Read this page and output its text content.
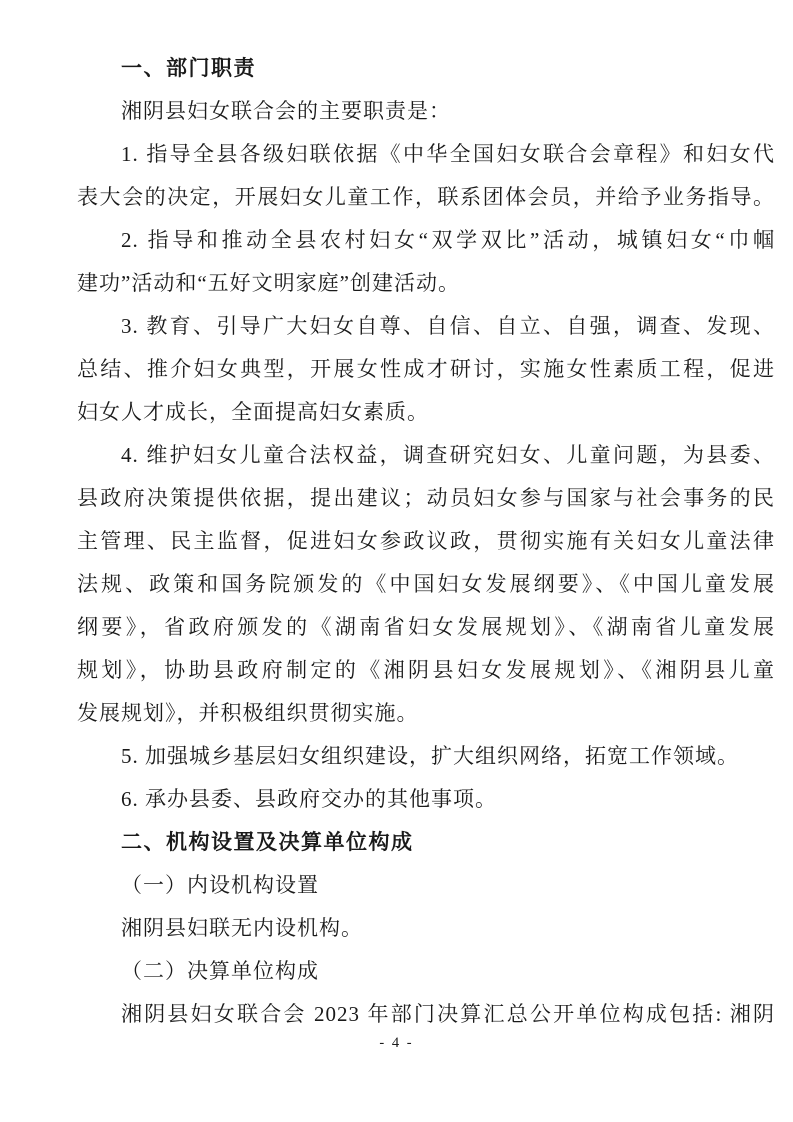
一、部门职责
湘阴县妇女联合会的主要职责是：
1. 指导全县各级妇联依据《中华全国妇女联合会章程》和妇女代
表大会的决定，开展妇女儿童工作，联系团体会员，并给予业务指导。
2. 指导和推动全县农村妇女“双学双比”活动，城镇妇女“巾帼
建功”活动和“五好文明家庭”创建活动。
3. 教育、引导广大妇女自尊、自信、自立、自强，调查、发现、
总结、推介妇女典型，开展女性成才研讨，实施女性素质工程，促进
妇女人才成长，全面提高妇女素质。
4. 维护妇女儿童合法权益，调查研究妇女、儿童问题，为县委、
县政府决策提供依据，提出建议；动员妇女参与国家与社会事务的民
主管理、民主监督，促进妇女参政议政，贯彻实施有关妇女儿童法律
法规、政策和国务院颁发的《中国妇女发展纲要》、《中国儿童发展
纲要》，省政府颁发的《湖南省妇女发展规划》、《湖南省儿童发展
规划》，协助县政府制定的《湘阴县妇女发展规划》、《湘阴县儿童
发展规划》，并积极组织贯彻实施。
5. 加强城乡基层妇女组织建设，扩大组织网络，拓宽工作领域。
6. 承办县委、县政府交办的其他事项。
二、机构设置及决算单位构成
（一）内设机构设置
湘阴县妇联无内设机构。
（二）决算单位构成
湘阴县妇女联合会 2023 年部门决算汇总公开单位构成包括: 湘阴
- 4 -
